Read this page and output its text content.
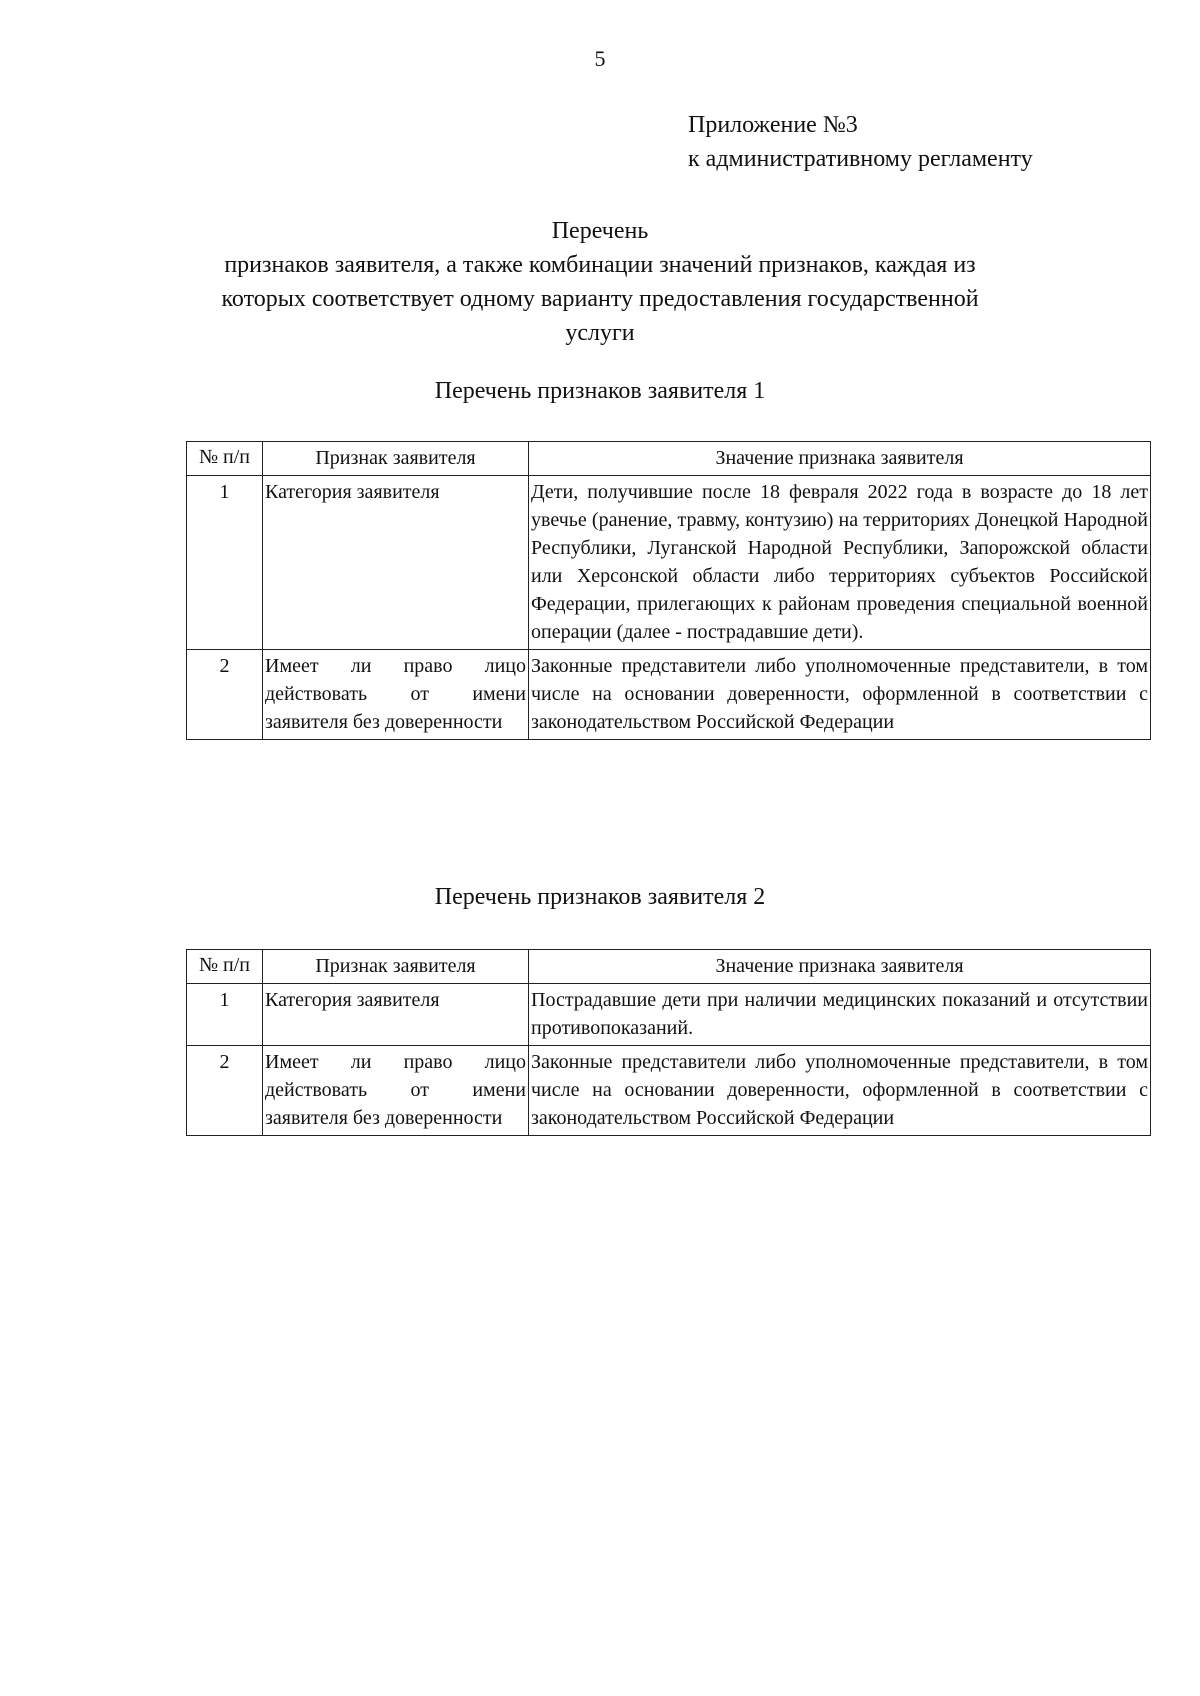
5
Приложение №3
к административному регламенту
Перечень
признаков заявителя, а также комбинации значений признаков, каждая из
которых соответствует одному варианту предоставления государственной
услуги
Перечень признаков заявителя 1
№ п/п	Признак заявителя	Значение признака заявителя
1	Категория заявителя	Дети, получившие после 18 февраля 2022 года в возрасте до 18 лет увечье (ранение, травму, контузию) на территориях Донецкой Народной Республики, Луганской Народной Республики, Запорожской области или Херсонской области либо территориях субъектов Российской Федерации, прилегающих к районам проведения специальной военной операции (далее - пострадавшие дети).
2	Имеет ли право лицо действовать от имени заявителя без доверенности	Законные представители либо уполномоченные представители, в том числе на основании доверенности, оформленной в соответствии с законодательством Российской Федерации
Перечень признаков заявителя 2
№ п/п	Признак заявителя	Значение признака заявителя
1	Категория заявителя	Пострадавшие дети при наличии медицинских показаний и отсутствии противопоказаний.
2	Имеет ли право лицо действовать от имени заявителя без доверенности	Законные представители либо уполномоченные представители, в том числе на основании доверенности, оформленной в соответствии с законодательством Российской Федерации
